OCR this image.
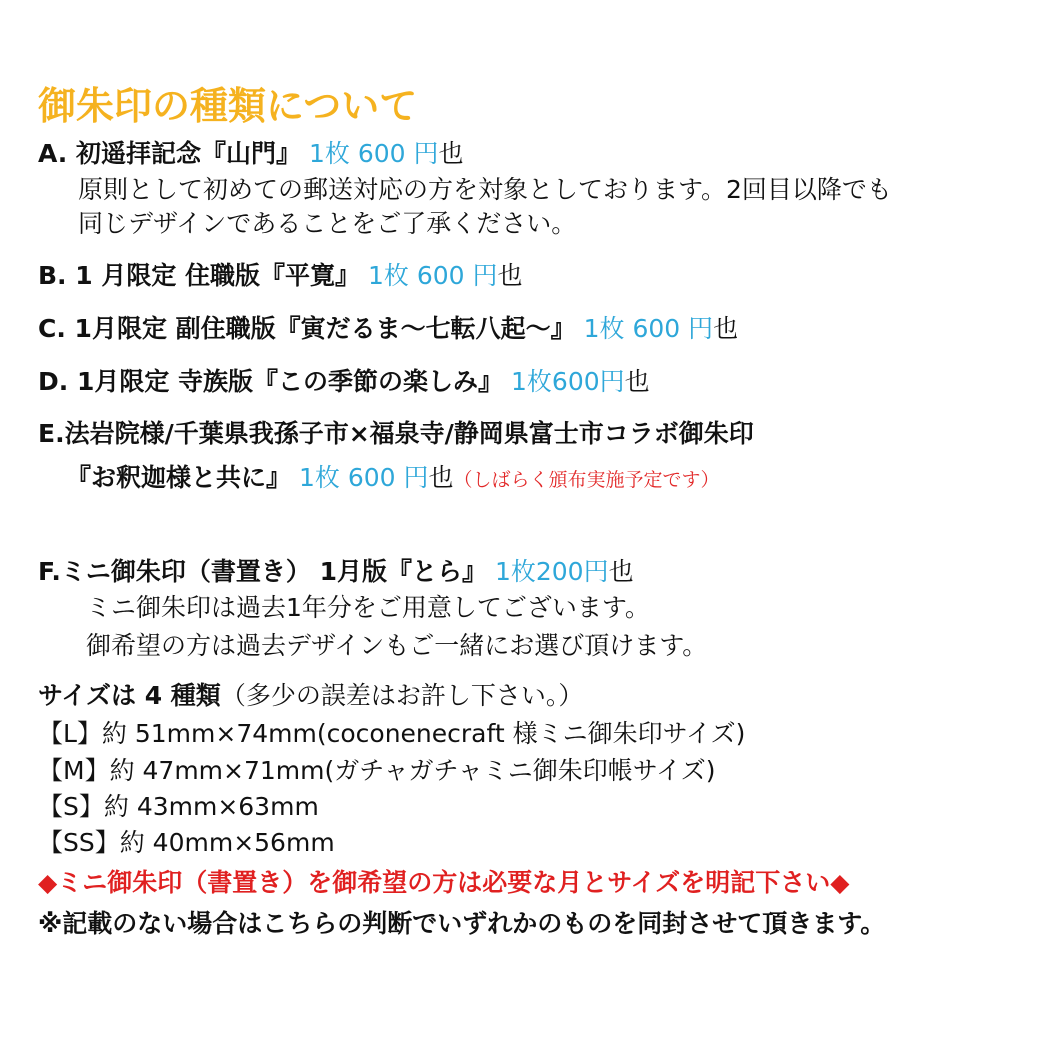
御朱印の種類について
A. 初遥拝記念『山門』 1枚 600 円也
原則として初めての郵送対応の方を対象としております。2回目以降でも
同じデザインであることをご了承ください。
B. 1 月限定 住職版『平寛』 1枚 600 円也
C. 1月限定 副住職版『寅だるま〜七転八起〜』 1枚 600 円也
D. 1月限定 寺族版『この季節の楽しみ』 1枚600円也
E.法岩院様/千葉県我孫子市×福泉寺/静岡県富士市コラボ御朱印
『お釈迦様と共に』 1枚 600 円也（しばらく頒布実施予定です）
F.ミニ御朱印（書置き） 1月版『とら』 1枚200円也
ミニ御朱印は過去1年分をご用意してございます。
御希望の方は過去デザインもご一緒にお選び頂けます。
サイズは 4 種類（多少の誤差はお許し下さい。）
【L】約 51mm×74mm(coconenecraft 様ミニ御朱印サイズ)
【M】約 47mm×71mm(ガチャガチャミニ御朱印帳サイズ)
【S】約 43mm×63mm
【SS】約 40mm×56mm
◆ミニ御朱印（書置き）を御希望の方は必要な月とサイズを明記下さい◆
※記載のない場合はこちらの判断でいずれかのものを同封させて頂きます。
